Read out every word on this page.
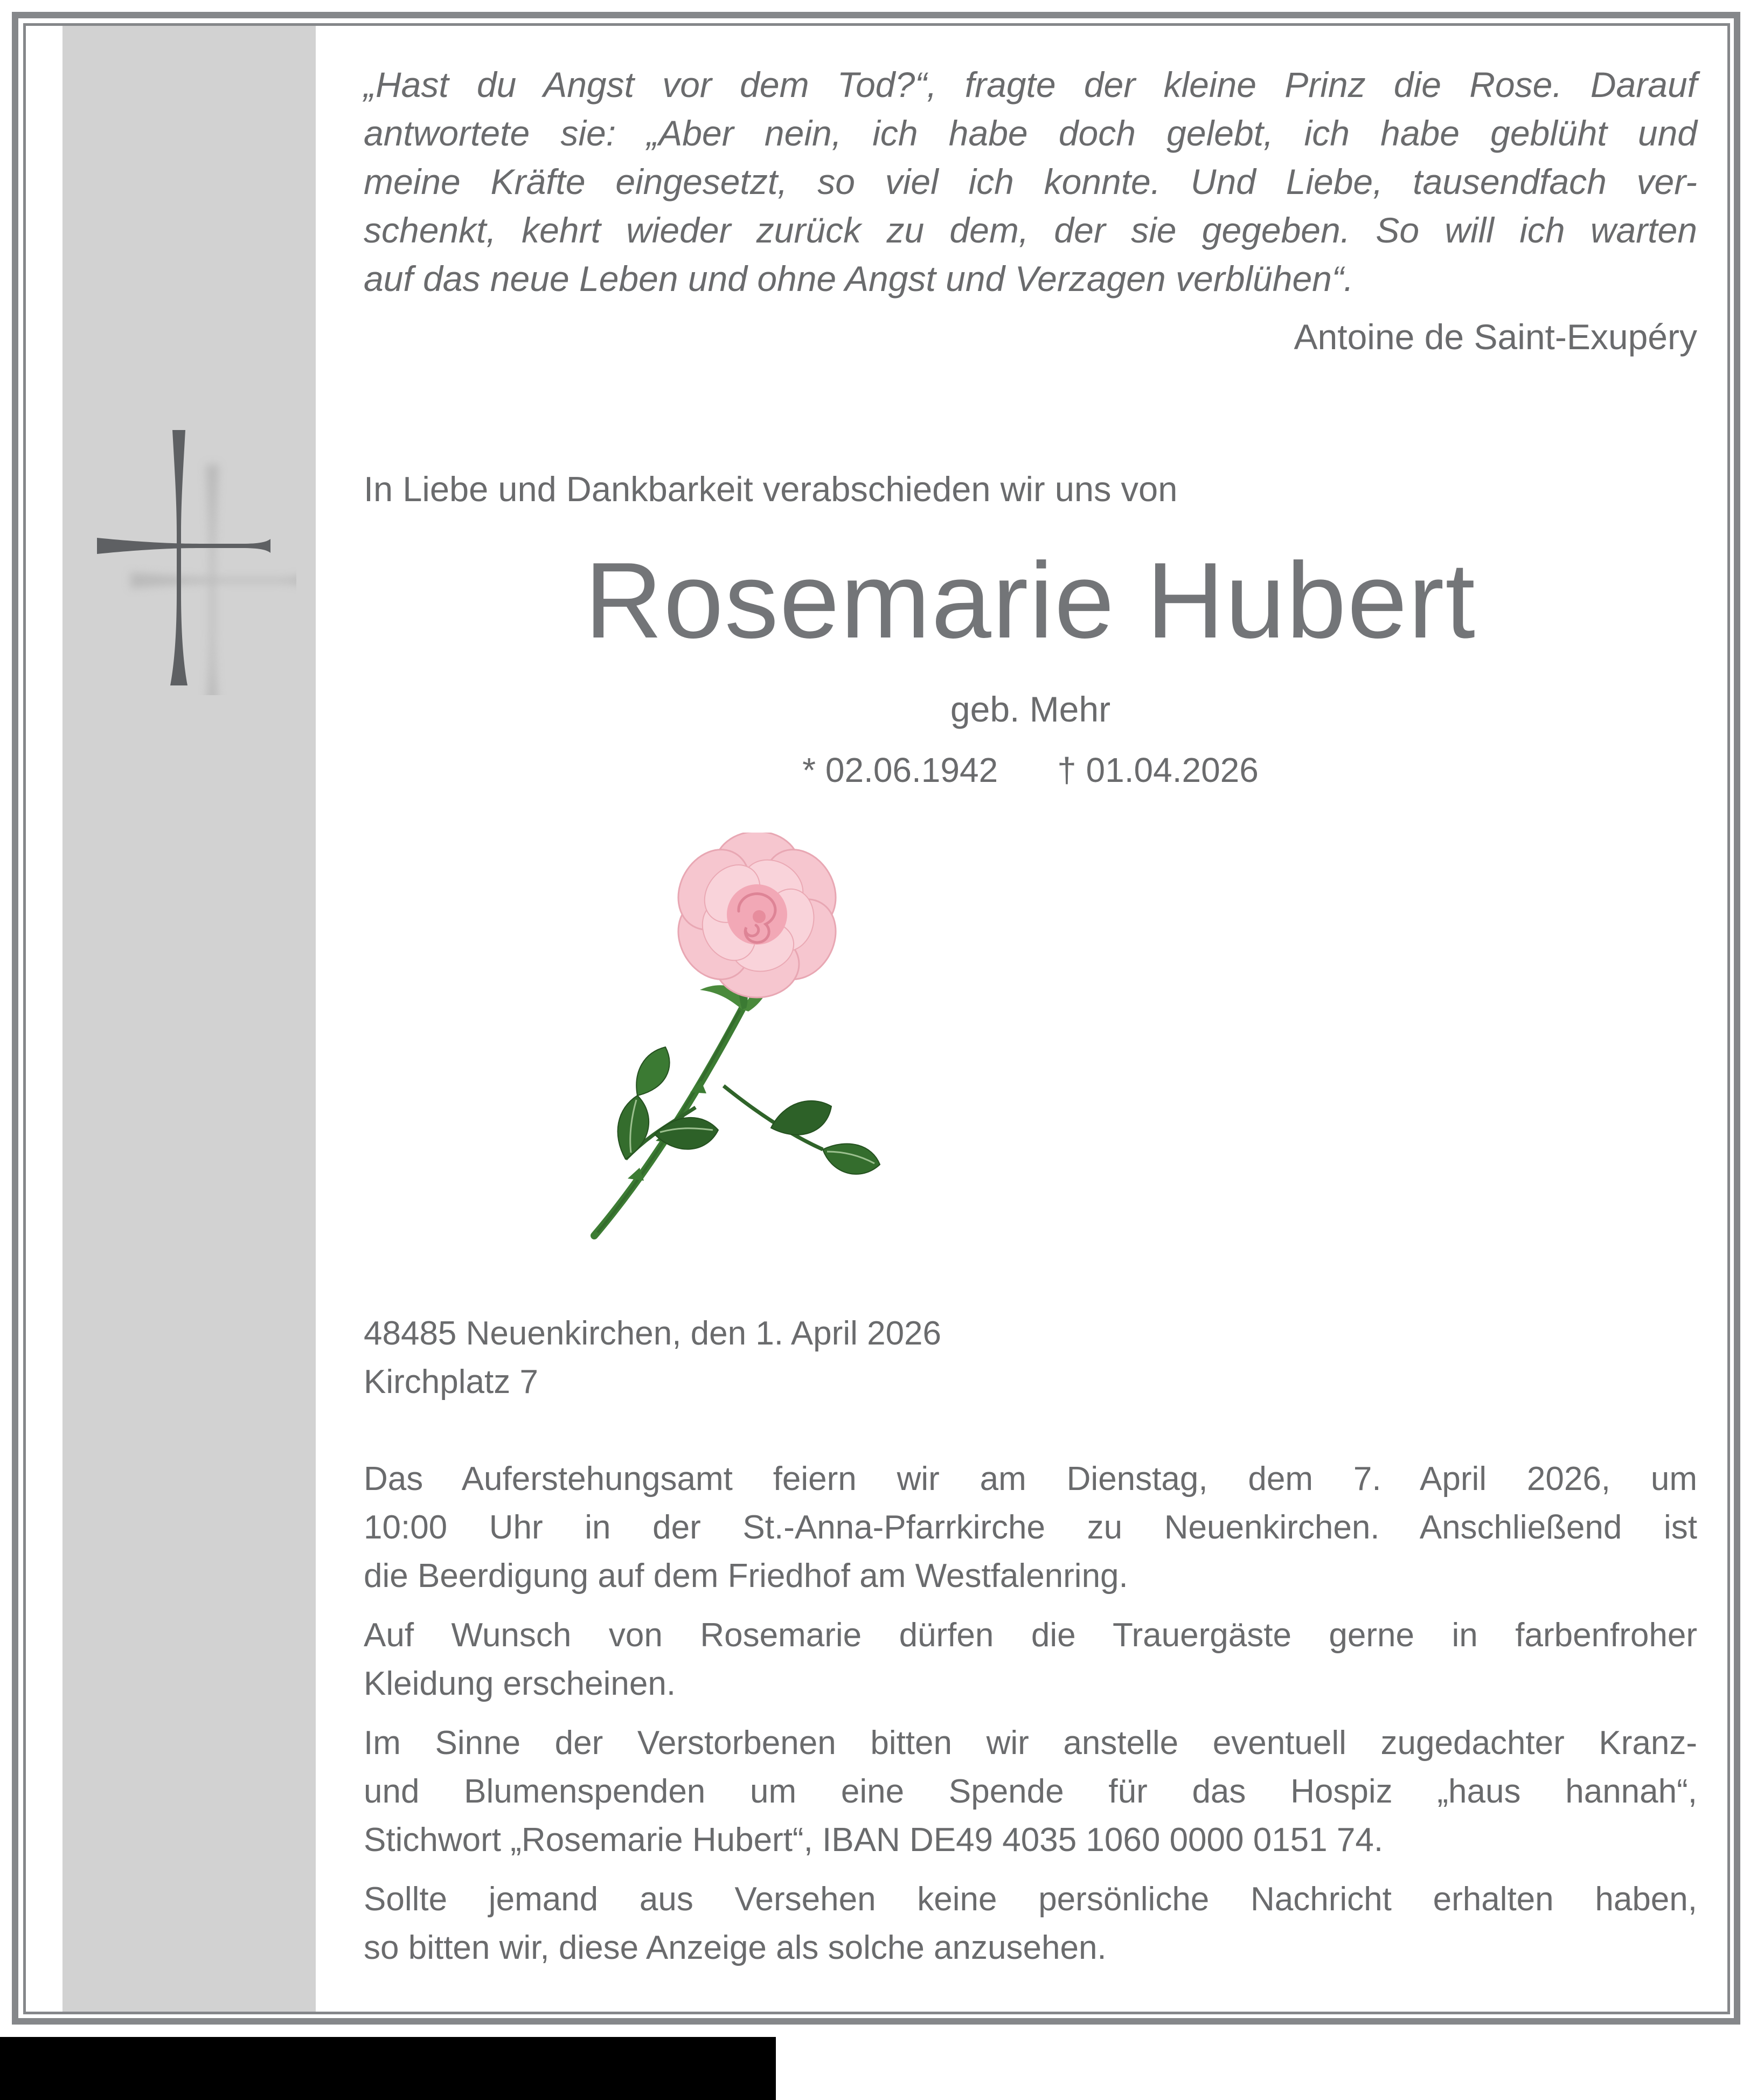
„Hast du Angst vor dem Tod?“, fragte der kleine Prinz die Rose. Darauf
antwortete sie: „Aber nein, ich habe doch gelebt, ich habe geblüht und
meine Kräfte eingesetzt, so viel ich konnte. Und Liebe, tausendfach ver-
schenkt, kehrt wieder zurück zu dem, der sie gegeben. So will ich warten
auf das neue Leben und ohne Angst und Verzagen verblühen“.
Antoine de Saint-Exupéry
In Liebe und Dankbarkeit verabschieden wir uns von
Rosemarie Hubert
geb. Mehr
* 02.06.1942 † 01.04.2026
48485 Neuenkirchen, den 1. April 2026
Kirchplatz 7
Das Auferstehungsamt feiern wir am Dienstag, dem 7. April 2026, um
10:00 Uhr in der St.-Anna-Pfarrkirche zu Neuenkirchen. Anschließend ist
die Beerdigung auf dem Friedhof am Westfalenring.
Auf Wunsch von Rosemarie dürfen die Trauergäste gerne in farbenfroher
Kleidung erscheinen.
Im Sinne der Verstorbenen bitten wir anstelle eventuell zugedachter Kranz-
und Blumenspenden um eine Spende für das Hospiz „haus hannah“,
Stichwort „Rosemarie Hubert“, IBAN DE49 4035 1060 0000 0151 74.
Sollte jemand aus Versehen keine persönliche Nachricht erhalten haben,
so bitten wir, diese Anzeige als solche anzusehen.
